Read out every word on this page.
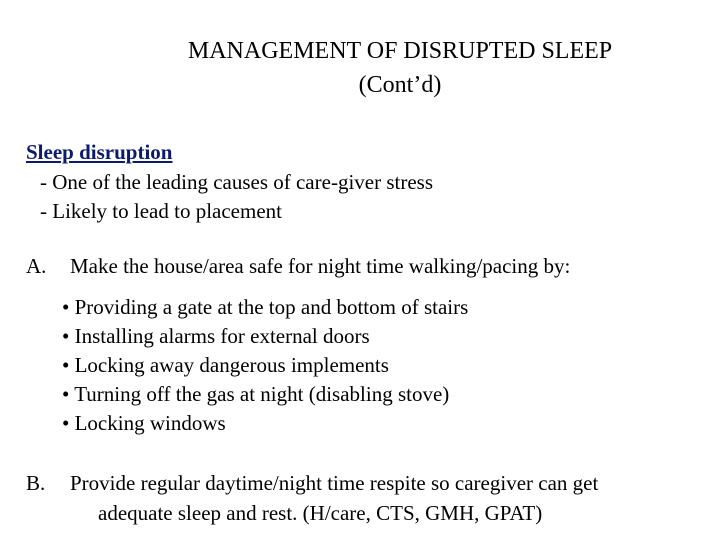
MANAGEMENT OF DISRUPTED SLEEP
(Cont’d)
Sleep disruption
- One of the leading causes of care-giver stress
- Likely to lead to placement
A. Make the house/area safe for night time walking/pacing by:
• Providing a gate at the top and bottom of stairs
• Installing alarms for external doors
• Locking away dangerous implements
• Turning off the gas at night (disabling stove)
• Locking windows
B. Provide regular daytime/night time respite so caregiver can get
adequate sleep and rest. (H/care, CTS, GMH, GPAT)
